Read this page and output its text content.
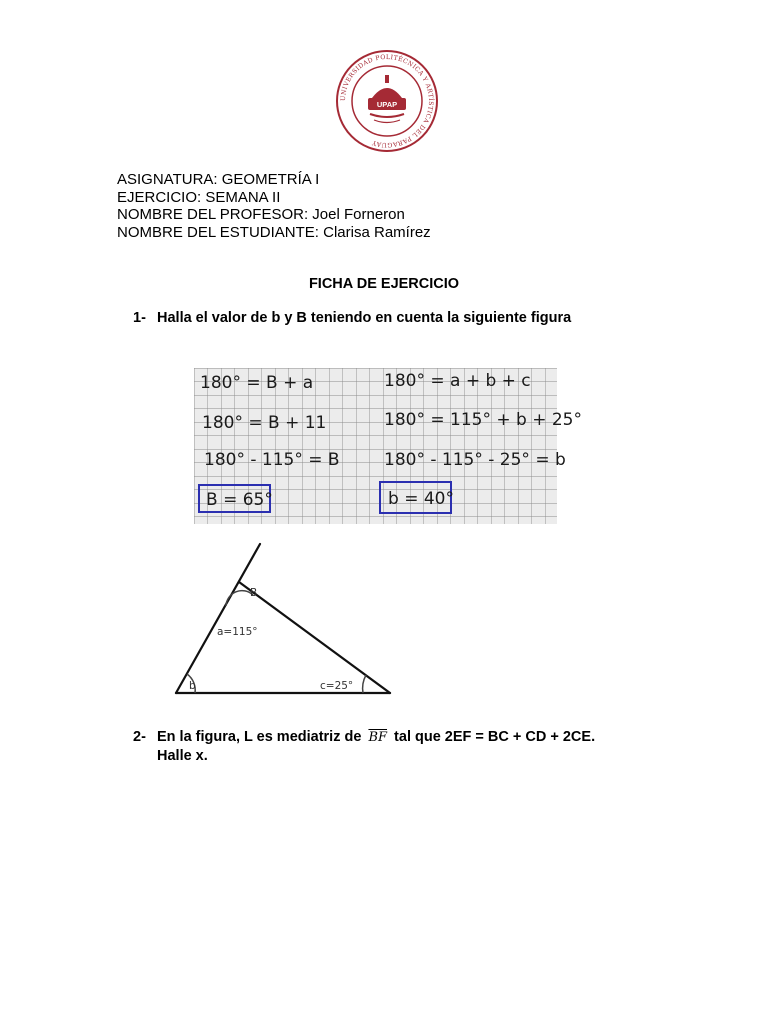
UNIVERSIDAD POLITÉCNICA Y ARTÍSTICA DEL PARAGUAY
UPAP
ASIGNATURA: GEOMETRÍA I
EJERCICIO: SEMANA II
NOMBRE DEL PROFESOR: Joel Forneron
NOMBRE DEL ESTUDIANTE: Clarisa Ramírez
FICHA DE EJERCICIO
1- Halla el valor de b y B teniendo en cuenta la siguiente figura
180° = B + a
180° = B + 11
180° - 115° = B
B = 65°
180° = a + b + c
180° = 115° + b + 25°
180° - 115° - 25° = b
b = 40°
B
a=115°
b	c=25°
2- En la figura, L es mediatriz de $\overline{BF}$ tal que 2EF = BC + CD + 2CE.
Halle x.
